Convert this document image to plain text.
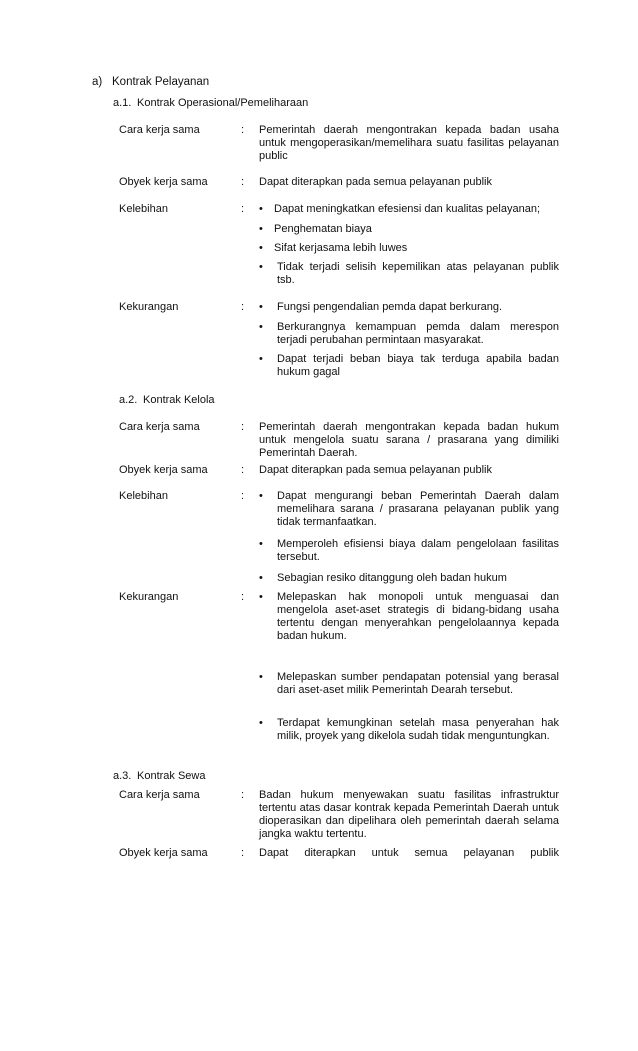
a) Kontrak Pelayanan
a.1. Kontrak Operasional/Pemeliharaan
Cara kerja sama	: Pemerintah daerah mengontrakan kepada badan usaha untuk mengoperasikan/memelihara suatu fasilitas pelayanan public
Obyek kerja sama	: Dapat diterapkan pada semua pelayanan publik
Kelebihan	: • Dapat meningkatkan efesiensi dan kualitas pelayanan;
• Penghematan biaya
• Sifat kerjasama lebih luwes
• Tidak terjadi selisih kepemilikan atas pelayanan publik tsb.
Kekurangan	: • Fungsi pengendalian pemda dapat berkurang.
• Berkurangnya kemampuan pemda dalam merespon terjadi perubahan permintaan masyarakat.
• Dapat terjadi beban biaya tak terduga apabila badan hukum gagal
a.2. Kontrak Kelola
Cara kerja sama	: Pemerintah daerah mengontrakan kepada badan hukum untuk mengelola suatu sarana / prasarana yang dimiliki Pemerintah Daerah.
Obyek kerja sama	: Dapat diterapkan pada semua pelayanan publik
Kelebihan	: • Dapat mengurangi beban Pemerintah Daerah dalam memelihara sarana / prasarana pelayanan publik yang tidak termanfaatkan.
• Memperoleh efisiensi biaya dalam pengelolaan fasilitas tersebut.
• Sebagian resiko ditanggung oleh badan hukum
Kekurangan	: • Melepaskan hak monopoli untuk menguasai dan mengelola aset-aset strategis di bidang-bidang usaha tertentu dengan menyerahkan pengelolaannya kepada badan hukum.
• Melepaskan sumber pendapatan potensial yang berasal dari aset-aset milik Pemerintah Dearah tersebut.
• Terdapat kemungkinan setelah masa penyerahan hak milik, proyek yang dikelola sudah tidak menguntungkan.
a.3. Kontrak Sewa
Cara kerja sama	: Badan hukum menyewakan suatu fasilitas infrastruktur tertentu atas dasar kontrak kepada Pemerintah Daerah untuk dioperasikan dan dipelihara oleh pemerintah daerah selama jangka waktu tertentu.
Obyek kerja sama	: Dapat diterapkan untuk semua pelayanan publik
